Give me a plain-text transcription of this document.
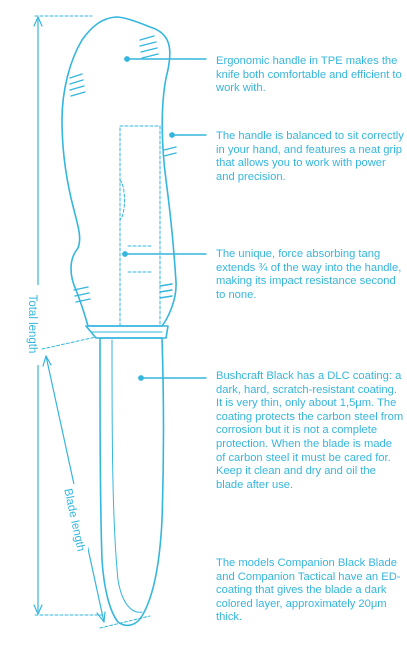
Total length
Blade length

Ergonomic handle in TPE makes the knife both comfortable and efficient to work with.

The handle is balanced to sit correctly in your hand, and features a neat grip that allows you to work with power and precision.

The unique, force absorbing tang extends ¾ of the way into the handle, making its impact resistance second to none.

Bushcraft Black has a DLC coating: a dark, hard, scratch-resistant coating. It is very thin, only about 1,5μm. The coating protects the carbon steel from corrosion but it is not a complete protection. When the blade is made of carbon steel it must be cared for. Keep it clean and dry and oil the blade after use.

The models Companion Black Blade and Companion Tactical have an ED-coating that gives the blade a dark colored layer, approximately 20μm thick.
